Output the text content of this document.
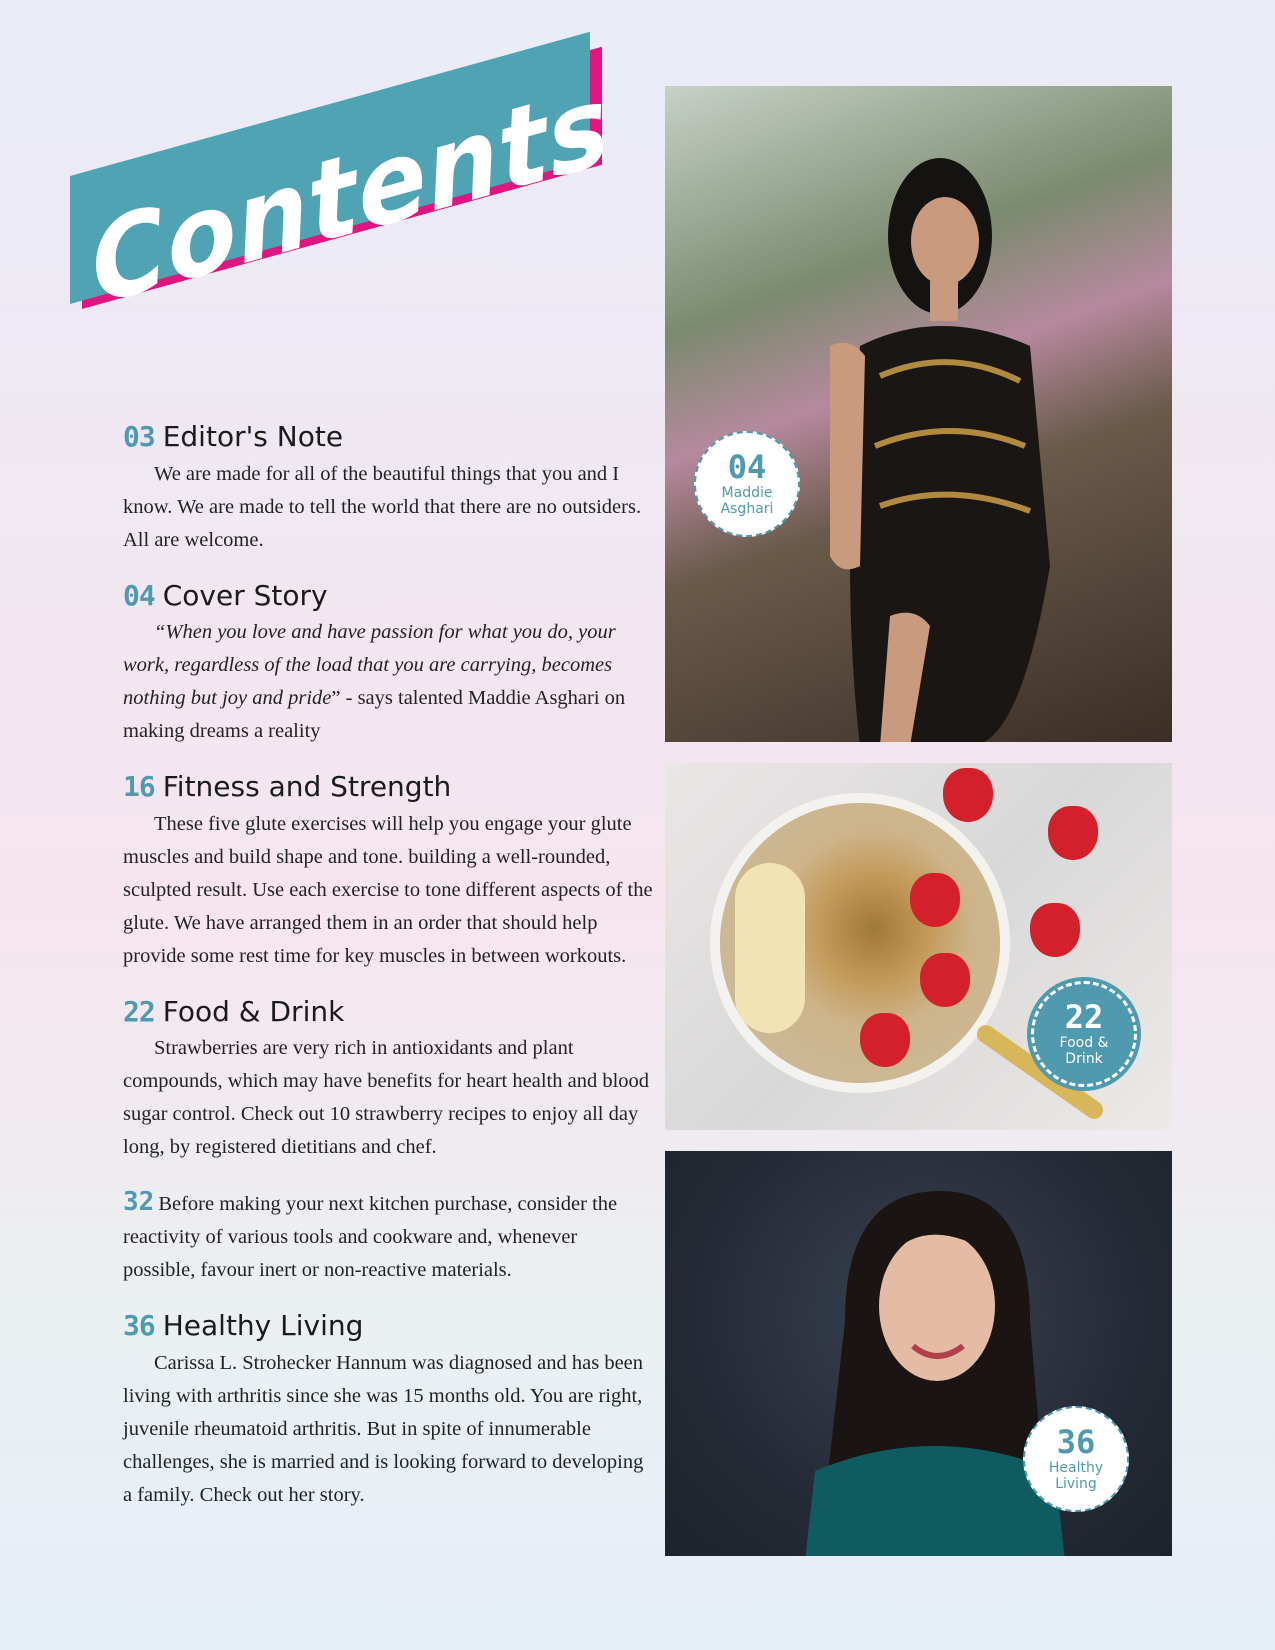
Contents
03 Editor's Note

We are made for all of the beautiful things that you and I know. We are made to tell the world that there are no outsiders. All are welcome.

04 Cover Story

“When you love and have passion for what you do, your work, regardless of the load that you are carrying, becomes nothing but joy and pride” - says talented Maddie Asghari on making dreams a reality

16 Fitness and Strength

These five glute exercises will help you engage your glute muscles and build shape and tone. building a well-rounded, sculpted result. Use each exercise to tone different aspects of the glute. We have arranged them in an order that should help provide some rest time for key muscles in between workouts.

22 Food & Drink

Strawberries are very rich in antioxidants and plant compounds, which may have benefits for heart health and blood sugar control. Check out 10 strawberry recipes to enjoy all day long, by registered dietitians and chef.

32 Before making your next kitchen purchase, consider the reactivity of various tools and cookware and, whenever possible, favour inert or non-reactive materials.

36 Healthy Living

Carissa L. Strohecker Hannum was diagnosed and has been living with arthritis since she was 15 months old. You are right, juvenile rheumatoid arthritis. But in spite of innumerable challenges, she is married and is looking forward to developing a family. Check out her story.

04
Maddie
Asghari
22
Food &
Drink
36
Healthy
Living
